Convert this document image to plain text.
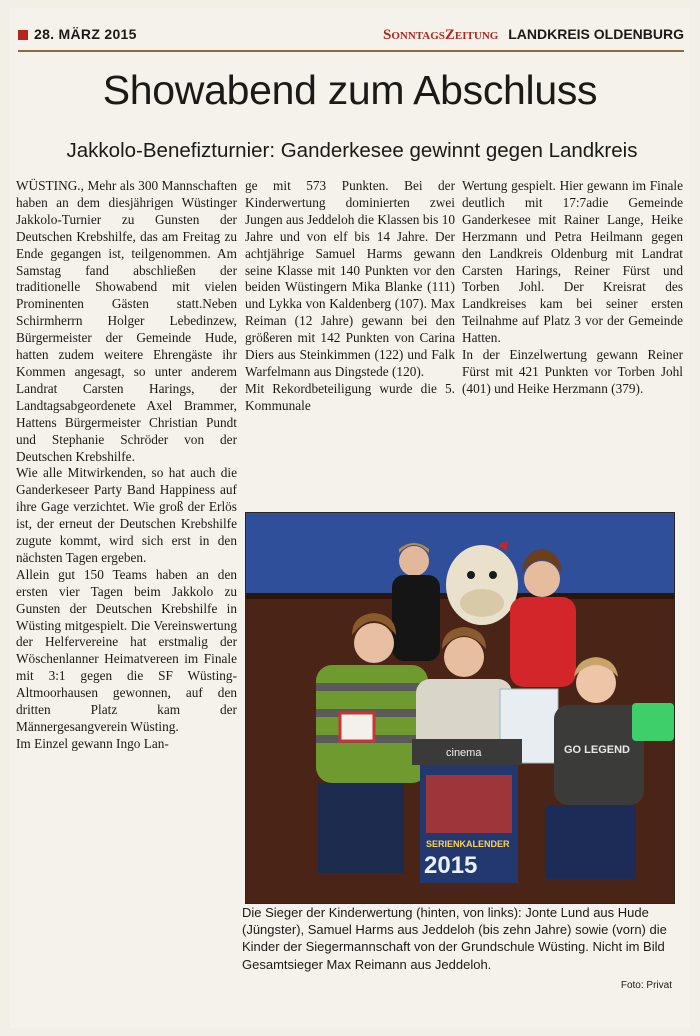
28. MÄRZ 2015	SonntagsZeitung LANDKREIS OLDENBURG
Showabend zum Abschluss
Jakkolo-Benefizturnier: Ganderkesee gewinnt gegen Landkreis

WÜSTING., Mehr als 300 Mannschaften haben an dem diesjährigen Wüstinger Jakkolo-Turnier zu Gunsten der Deutschen Krebshilfe, das am Freitag zu Ende gegangen ist, teilgenommen. Am Samstag fand abschließen der traditionelle Showabend mit vielen Prominenten Gästen statt.Neben Schirmherrn Holger Lebedinzew, Bürgermeister der Gemeinde Hude, hatten zudem weitere Ehrengäste ihr Kommen angesagt, so unter anderem Landrat Carsten Harings, der Landtagsabgeordenete Axel Brammer, Hattens Bürgermeister Christian Pundt und Stephanie Schröder von der Deutschen Krebshilfe.

Wie alle Mitwirkenden, so hat auch die Ganderkeseer Party Band Happiness auf ihre Gage verzichtet. Wie groß der Erlös ist, der erneut der Deutschen Krebshilfe zugute kommt, wird sich erst in den nächsten Tagen ergeben.

Allein gut 150 Teams haben an den ersten vier Tagen beim Jakkolo zu Gunsten der Deutschen Krebshilfe in Wüsting mitgespielt. Die Vereinswertung der Helfervereine hat erstmalig der Wöschenlanner Heimatvereen im Finale mit 3:1 gegen die SF Wüsting-Altmoorhausen gewonnen, auf den dritten Platz kam der Männergesangverein Wüsting.

Im Einzel gewann Ingo Lan-

ge mit 573 Punkten. Bei der Kinderwertung dominierten zwei Jungen aus Jeddeloh die Klassen bis 10 Jahre und von elf bis 14 Jahre. Der achtjährige Samuel Harms gewann seine Klasse mit 140 Punkten vor den beiden Wüstingern Mika Blanke (111) und Lykka von Kaldenberg (107). Max Reiman (12 Jahre) gewann bei den größeren mit 142 Punkten von Carina Diers aus Steinkimmen (122) und Falk Warfelmann aus Dingstede (120).

Mit Rekordbeteiligung wurde die 5. Kommunale

Wertung gespielt. Hier gewann im Finale deutlich mit 17:7adie Gemeinde Ganderkesee mit Rainer Lange, Heike Herzmann und Petra Heilmann gegen den Landkreis Oldenburg mit Landrat Carsten Harings, Reiner Fürst und Torben Johl. Der Kreisrat des Landkreises kam bei seiner ersten Teilnahme auf Platz 3 vor der Gemeinde Hatten.

In der Einzelwertung gewann Reiner Fürst mit 421 Punkten vor Torben Johl (401) und Heike Herzmann (379).

GO LEGEND
cinema
SERIENKALENDER
2015
Die Sieger der Kinderwertung (hinten, von links): Jonte Lund aus Hude (Jüngster), Samuel Harms aus Jeddeloh (bis zehn Jahre) sowie (vorn) die Kinder der Siegermannschaft von der Grundschule Wüsting. Nicht im Bild Gesamtsieger Max Reimann aus Jeddeloh.
Foto: Privat
